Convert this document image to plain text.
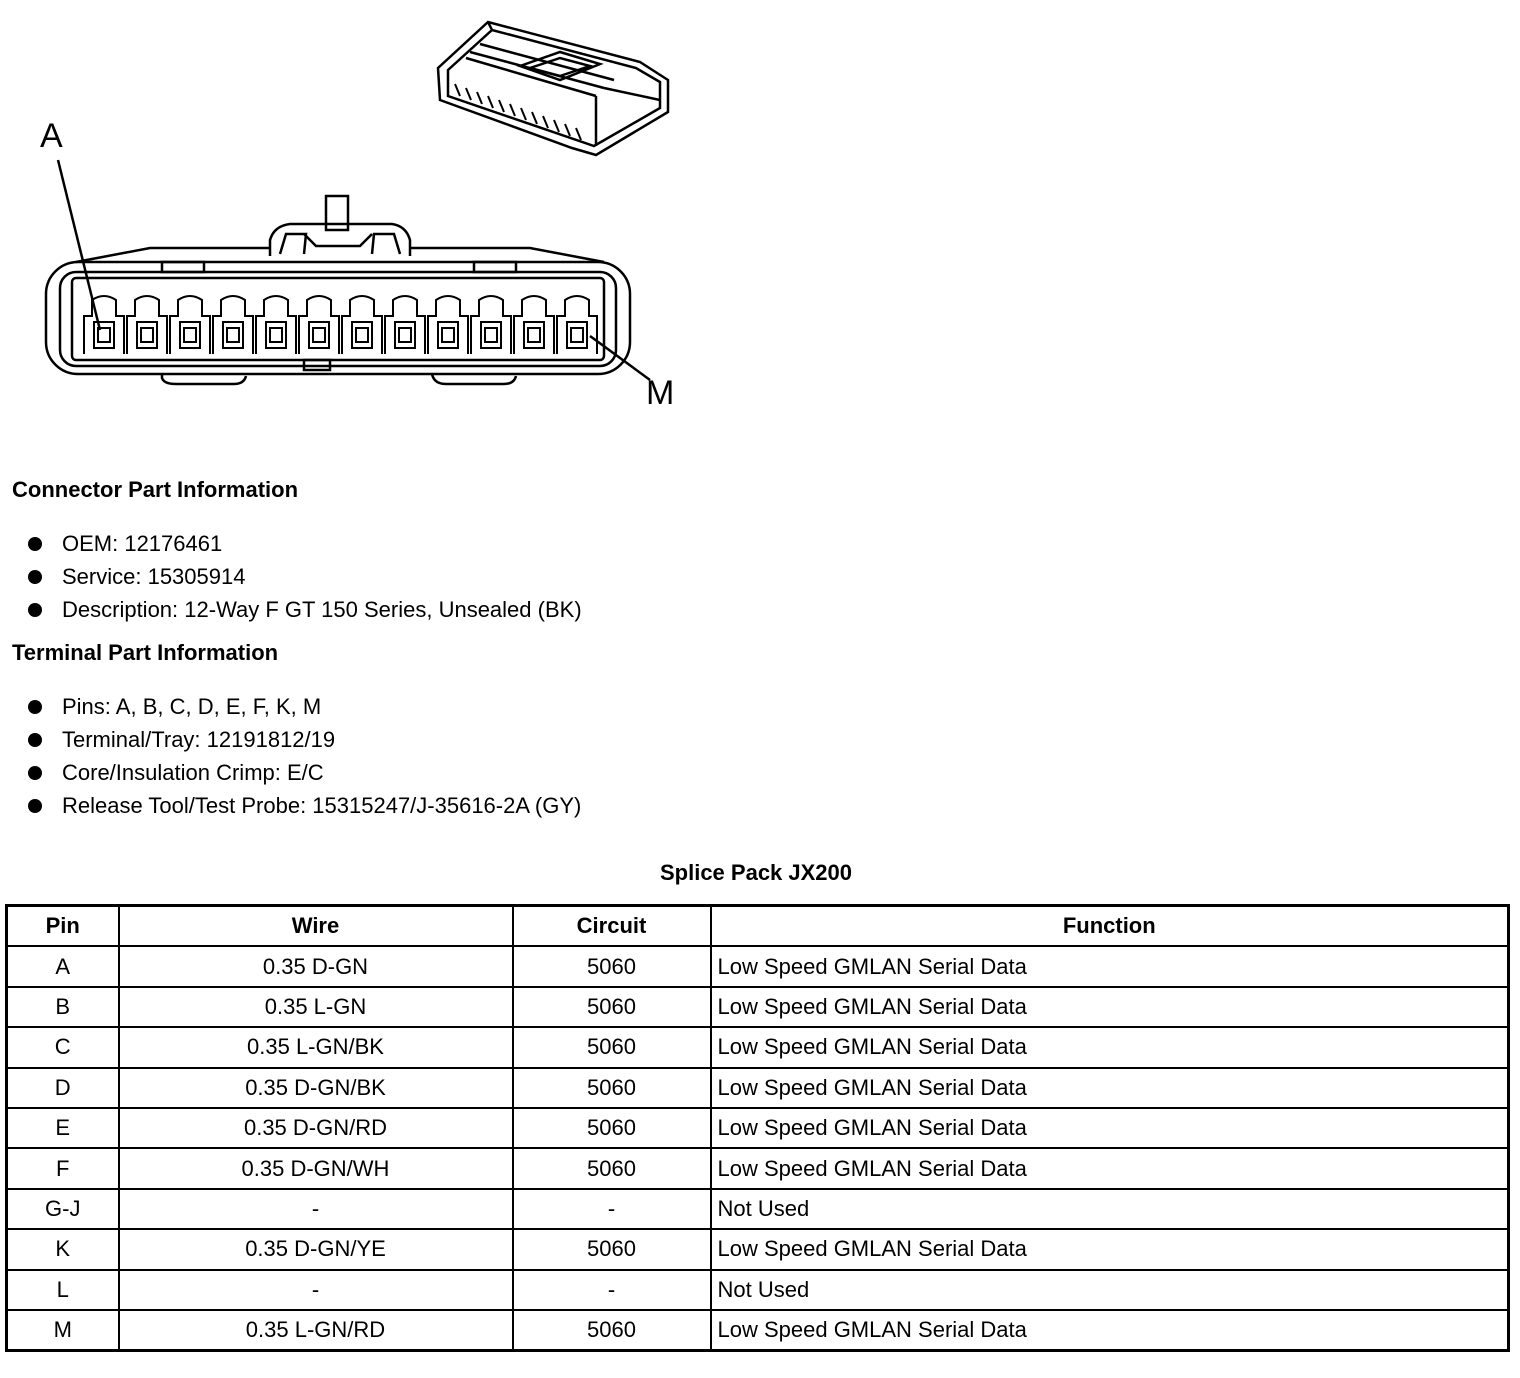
A
M
Connector Part Information
OEM: 12176461
Service: 15305914
Description: 12-Way F GT 150 Series, Unsealed (BK)
Terminal Part Information
Pins: A, B, C, D, E, F, K, M
Terminal/Tray: 12191812/19
Core/Insulation Crimp: E/C
Release Tool/Test Probe: 15315247/J-35616-2A (GY)
Splice Pack JX200
Pin	Wire	Circuit	Function
A	0.35 D-GN	5060	Low Speed GMLAN Serial Data
B	0.35 L-GN	5060	Low Speed GMLAN Serial Data
C	0.35 L-GN/BK	5060	Low Speed GMLAN Serial Data
D	0.35 D-GN/BK	5060	Low Speed GMLAN Serial Data
E	0.35 D-GN/RD	5060	Low Speed GMLAN Serial Data
F	0.35 D-GN/WH	5060	Low Speed GMLAN Serial Data
G-J	-	-	Not Used
K	0.35 D-GN/YE	5060	Low Speed GMLAN Serial Data
L	-	-	Not Used
M	0.35 L-GN/RD	5060	Low Speed GMLAN Serial Data
